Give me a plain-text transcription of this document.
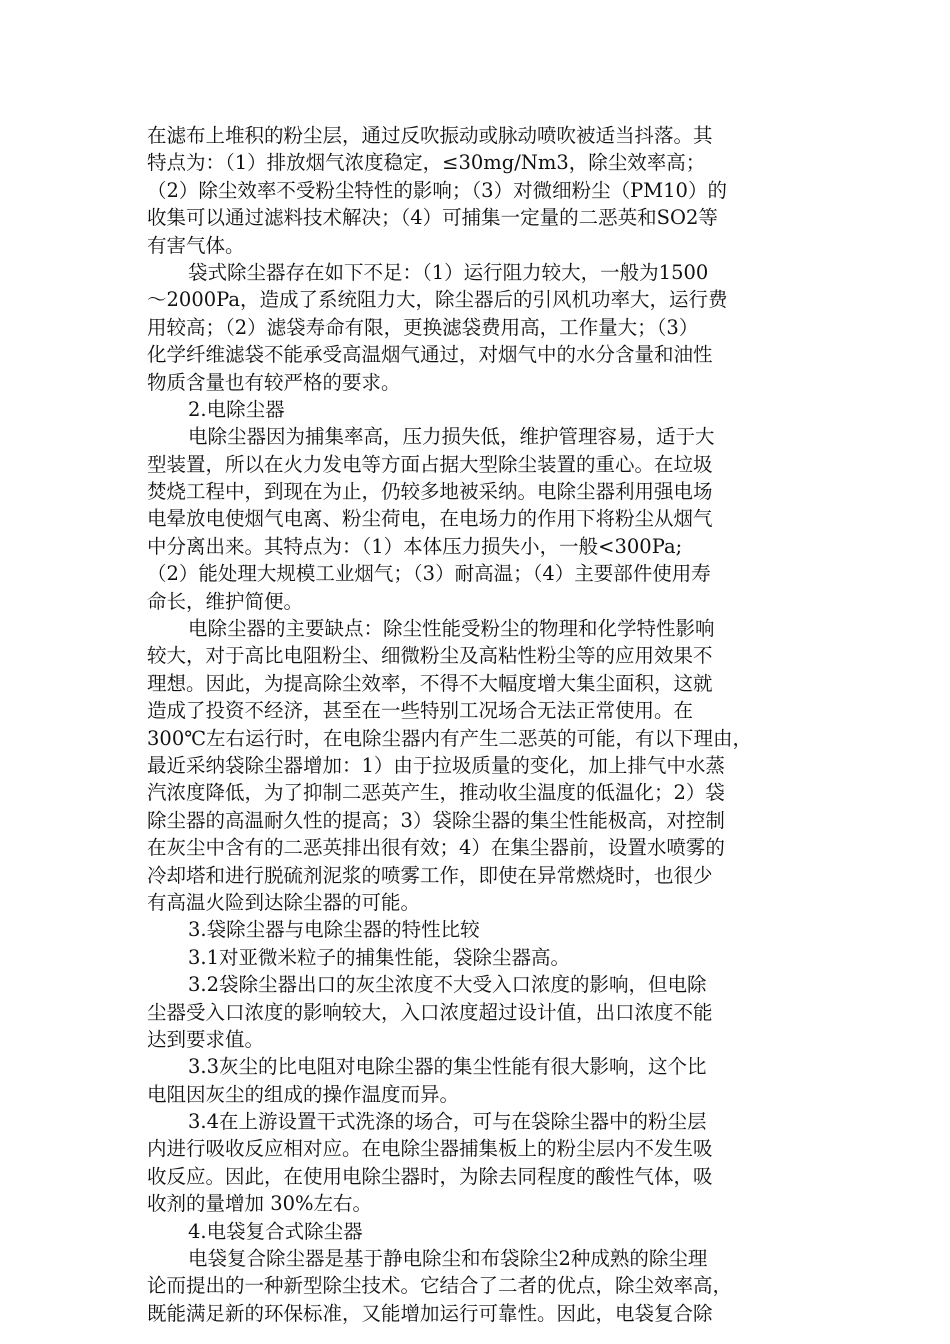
在滤布上堆积的粉尘层，通过反吹振动或脉动喷吹被适当抖落。其
特点为：（1）排放烟气浓度稳定，≤30mg/Nm3，除尘效率高；
（2）除尘效率不受粉尘特性的影响；（3）对微细粉尘（PM10）的
收集可以通过滤料技术解决；（4）可捕集一定量的二恶英和SO2等
有害气体。
袋式除尘器存在如下不足：（1）运行阻力较大，一般为1500
～2000Pa，造成了系统阻力大，除尘器后的引风机功率大，运行费
用较高；（2）滤袋寿命有限，更换滤袋费用高，工作量大；（3）
化学纤维滤袋不能承受高温烟气通过，对烟气中的水分含量和油性
物质含量也有较严格的要求。
2.电除尘器
电除尘器因为捕集率高，压力损失低，维护管理容易，适于大
型装置，所以在火力发电等方面占据大型除尘装置的重心。在垃圾
焚烧工程中，到现在为止，仍较多地被采纳。电除尘器利用强电场
电晕放电使烟气电离、粉尘荷电，在电场力的作用下将粉尘从烟气
中分离出来。其特点为：（1）本体压力损失小，一般<300Pa;
（2）能处理大规模工业烟气；（3）耐高温；（4）主要部件使用寿
命长，维护简便。
电除尘器的主要缺点：除尘性能受粉尘的物理和化学特性影响
较大，对于高比电阻粉尘、细微粉尘及高粘性粉尘等的应用效果不
理想。因此，为提高除尘效率，不得不大幅度增大集尘面积，这就
造成了投资不经济，甚至在一些特别工况场合无法正常使用。在
300℃左右运行时，在电除尘器内有产生二恶英的可能，有以下理由，
最近采纳袋除尘器增加：1）由于拉圾质量的变化，加上排气中水蒸
汽浓度降低，为了抑制二恶英产生，推动收尘温度的低温化；2）袋
除尘器的高温耐久性的提高；3）袋除尘器的集尘性能极高，对控制
在灰尘中含有的二恶英排出很有效；4）在集尘器前，设置水喷雾的
冷却塔和进行脱硫剂泥浆的喷雾工作，即使在异常燃烧时，也很少
有高温火险到达除尘器的可能。
3.袋除尘器与电除尘器的特性比较
3.1对亚微米粒子的捕集性能，袋除尘器高。
3.2袋除尘器出口的灰尘浓度不大受入口浓度的影响，但电除
尘器受入口浓度的影响较大，入口浓度超过设计值，出口浓度不能
达到要求值。
3.3灰尘的比电阻对电除尘器的集尘性能有很大影响，这个比
电阻因灰尘的组成的操作温度而异。
3.4在上游设置干式洗涤的场合，可与在袋除尘器中的粉尘层
内进行吸收反应相对应。在电除尘器捕集板上的粉尘层内不发生吸
收反应。因此，在使用电除尘器时，为除去同程度的酸性气体，吸
收剂的量增加 30%左右。
4.电袋复合式除尘器
电袋复合除尘器是基于静电除尘和布袋除尘2种成熟的除尘理
论而提出的一种新型除尘技术。它结合了二者的优点，除尘效率高，
既能满足新的环保标准，又能增加运行可靠性。因此，电袋复合除
